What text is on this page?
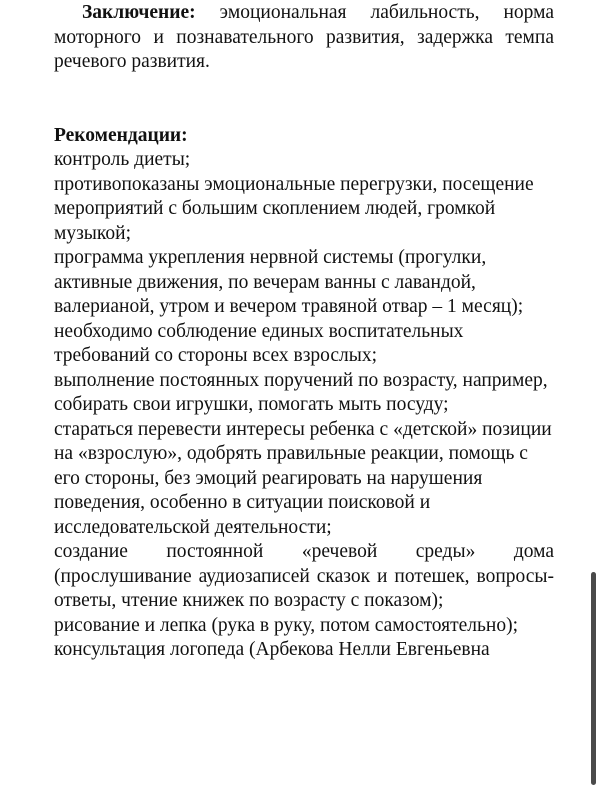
Заключение: эмоциональная лабильность, норма моторного и познавательного развития, задержка темпа речевого развития.

Рекомендации:

контроль диеты;

противопоказаны эмоциональные перегрузки, посещение мероприятий с большим скоплением людей, громкой музыкой;

программа укрепления нервной системы (прогулки, активные движения, по вечерам ванны с лавандой, валерианой, утром и вечером травяной отвар – 1 месяц);

необходимо соблюдение единых воспитательных требований со стороны всех взрослых;

выполнение постоянных поручений по возрасту, например, собирать свои игрушки, помогать мыть посуду;

стараться перевести интересы ребенка с «детской» позиции на «взрослую», одобрять правильные реакции, помощь с его стороны, без эмоций реагировать на нарушения поведения, особенно в ситуации поисковой и исследовательской деятельности;

создание постоянной «речевой среды» дома (прослушивание аудиозаписей сказок и потешек, вопросы-ответы, чтение книжек по возрасту с показом);

рисование и лепка (рука в руку, потом самостоятельно);

консультация логопеда (Арбекова Нелли Евгеньевна
